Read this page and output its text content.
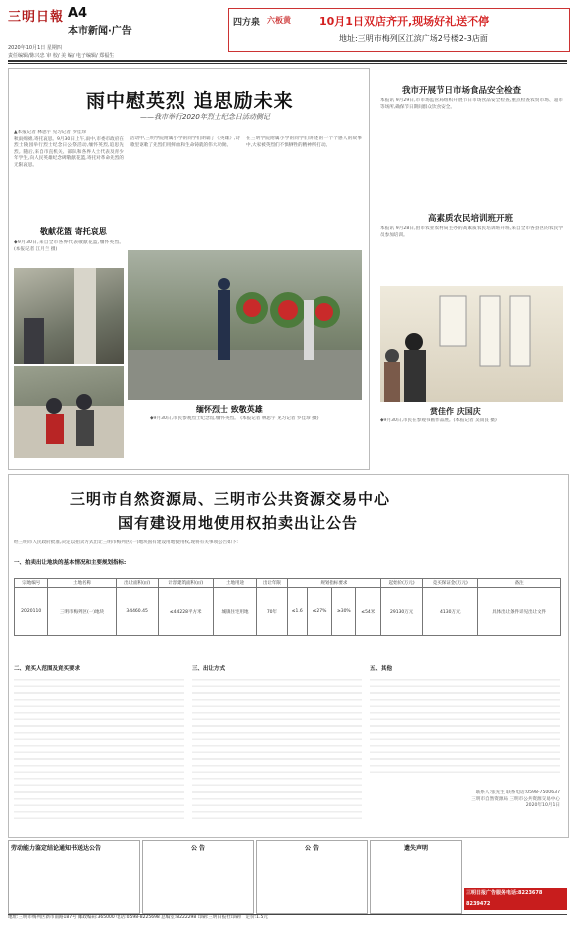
三明日報 A4
本市新闻·广告
2020年10月1日 星期四
责任编辑/陈兴忠 审 校/ 美 编/ 电子编辑/ 郑福生
四方泉 六板黄	10月1日双店齐开,现场好礼送不停
地址:三明市梅列区江滨广场2号楼2-3店面
雨中慰英烈 追思励未来
——我市举行2020年烈士纪念日活动侧记
▲本报记者 林思宇 见习记者 罗佳珍
秋雨绵绵,寄托哀思。9月30日上午,雨中,市委市政府在烈士陵园举行烈士纪念日公祭活动,缅怀英烈,追思先烈。随后,来自市直机关、部队和各界人士代表及青少年学生,向人民英雄纪念碑敬献花篮,寄托对革命先烈的无限哀思。
活动中,三明学院附属小学的同学们朗诵了《英雄》,诗歌里讴歌了先烈们用鲜血和生命铸就的伟大功勋。
在三明学院附属小学的同学们讲述的一个个感人的故事中,大家被英烈们不惧牺牲的精神所打动。
敬献花篮 寄托哀思
◆9月30日,来自全市各界代表敬献花篮,缅怀英烈。 (本报记者 江月兰 摄)
缅怀烈士 致敬英雄
◆9月30日,市民参观烈士纪念馆,缅怀英烈。 (本报记者 林思宇 见习记者 罗佳珍 摄)
我市开展节日市场食品安全检查
本报讯 9月29日,市市场监管局组织开展节日市场食品安全检查,重点检查农贸市场、超市等场所,确保节日期间群众饮食安全。
高素质农民培训班开班
本报讯 9月28日,由市农业农村局主办的高素质农民培训班开班,来自全市各县区的农民学员参加培训。
赏佳作 庆国庆
◆9月30日,市民在参观书画作品展。(本报记者 吴雨良 摄)
三明市自然资源局、三明市公共资源交易中心
国有建设用地使用权拍卖出让公告
经三明市人民政府批准,决定以拍卖方式出让三明市梅列区(一)地块国有建设用地使用权,现将有关事项公告如下:
一、拍卖出让地块的基本情况和主要规划指标:
宗地编号	土地名称	出让面积(㎡)	计容建筑面积(㎡)	土地用途	出让年限	规划指标要求				起始价(万元)	竞买保证金(万元)	备注
2020110	三明市梅列区(一)地块	34460.45	≤44228平方米	城镇住宅用地	70年	≤1.6	≤27%	≥30%	≤54米	29130万元	4130万元	具体出让条件详见出让文件
二、竞买人范围及竞买要求	三、出让方式	五、其他
联系人:张先生 联系电话:0598-7500637
三明市自然资源局 三明市公共资源交易中心
2020年10月1日
劳动能力鉴定结论通知书送达公告	公 告	公 告	遗失声明
三明日报广告服务电话:8223678 8239472
地址:三明市梅列区新市南路187号 邮政编码:365000 电话:0598-8225698 总编室:8222298 印刷:三明日报社印刷厂 定价:1.5元
